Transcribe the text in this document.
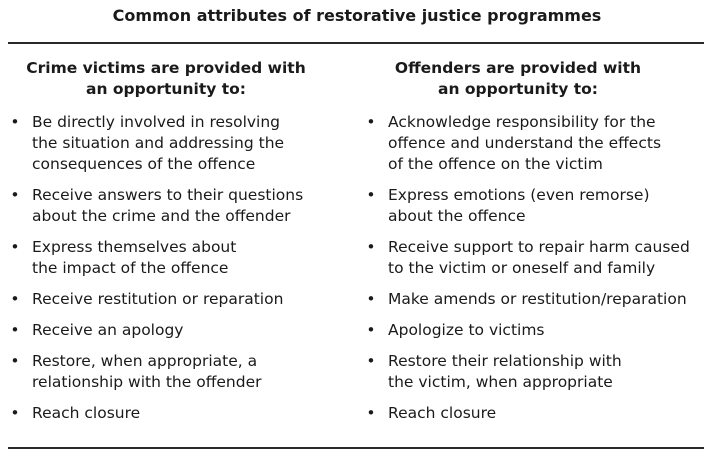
Common attributes of restorative justice programmes
Crime victims are provided with
an opportunity to:
• Be directly involved in resolving
the situation and addressing the
consequences of the offence
• Receive answers to their questions
about the crime and the offender
• Express themselves about
the impact of the offence
• Receive restitution or reparation
• Receive an apology
• Restore, when appropriate, a
relationship with the offender
• Reach closure
Offenders are provided with
an opportunity to:
• Acknowledge responsibility for the
offence and understand the effects
of the offence on the victim
• Express emotions (even remorse)
about the offence
• Receive support to repair harm caused
to the victim or oneself and family
• Make amends or restitution/reparation
• Apologize to victims
• Restore their relationship with
the victim, when appropriate
• Reach closure
